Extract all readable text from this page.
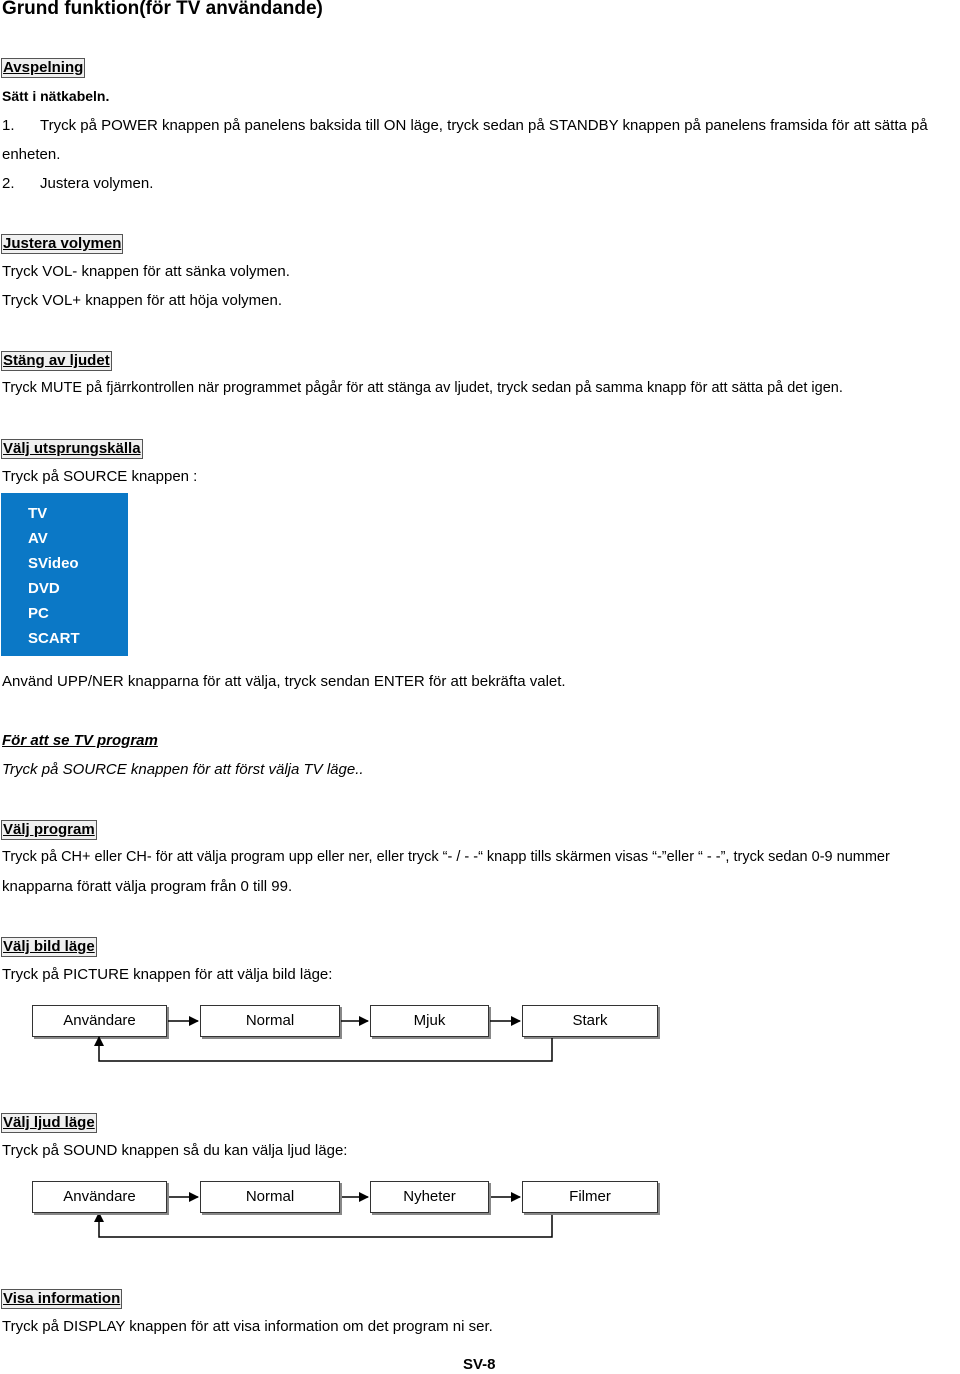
Grund funktion(för TV användande)
Avspelning
Sätt i nätkabeln.
1. Tryck på POWER knappen på panelens baksida till ON läge, tryck sedan på STANDBY knappen på panelens framsida för att sätta på
enheten.
2. Justera volymen.
Justera volymen
Tryck VOL- knappen för att sänka volymen.
Tryck VOL+ knappen för att höja volymen.
Stäng av ljudet
Tryck MUTE på fjärrkontrollen när programmet pågår för att stänga av ljudet, tryck sedan på samma knapp för att sätta på det igen.
Välj utsprungskälla
Tryck på SOURCE knappen :
TV
AV
SVideo
DVD
PC
SCART
Använd UPP/NER knapparna för att välja, tryck sendan ENTER för att bekräfta valet.
För att se TV program
Tryck på SOURCE knappen för att först välja TV läge..
Välj program
Tryck på CH+ eller CH- för att välja program upp eller ner, eller tryck “- / - -“ knapp tills skärmen visas “-”eller “ - -”, tryck sedan 0-9 nummer
knapparna föratt välja program från 0 till 99.
Välj bild läge
Tryck på PICTURE knappen för att välja bild läge:
Användare	Normal	Mjuk	Stark
Välj ljud läge
Tryck på SOUND knappen så du kan välja ljud läge:
Användare	Normal	Nyheter	Filmer
Visa information
Tryck på DISPLAY knappen för att visa information om det program ni ser.
SV-8
